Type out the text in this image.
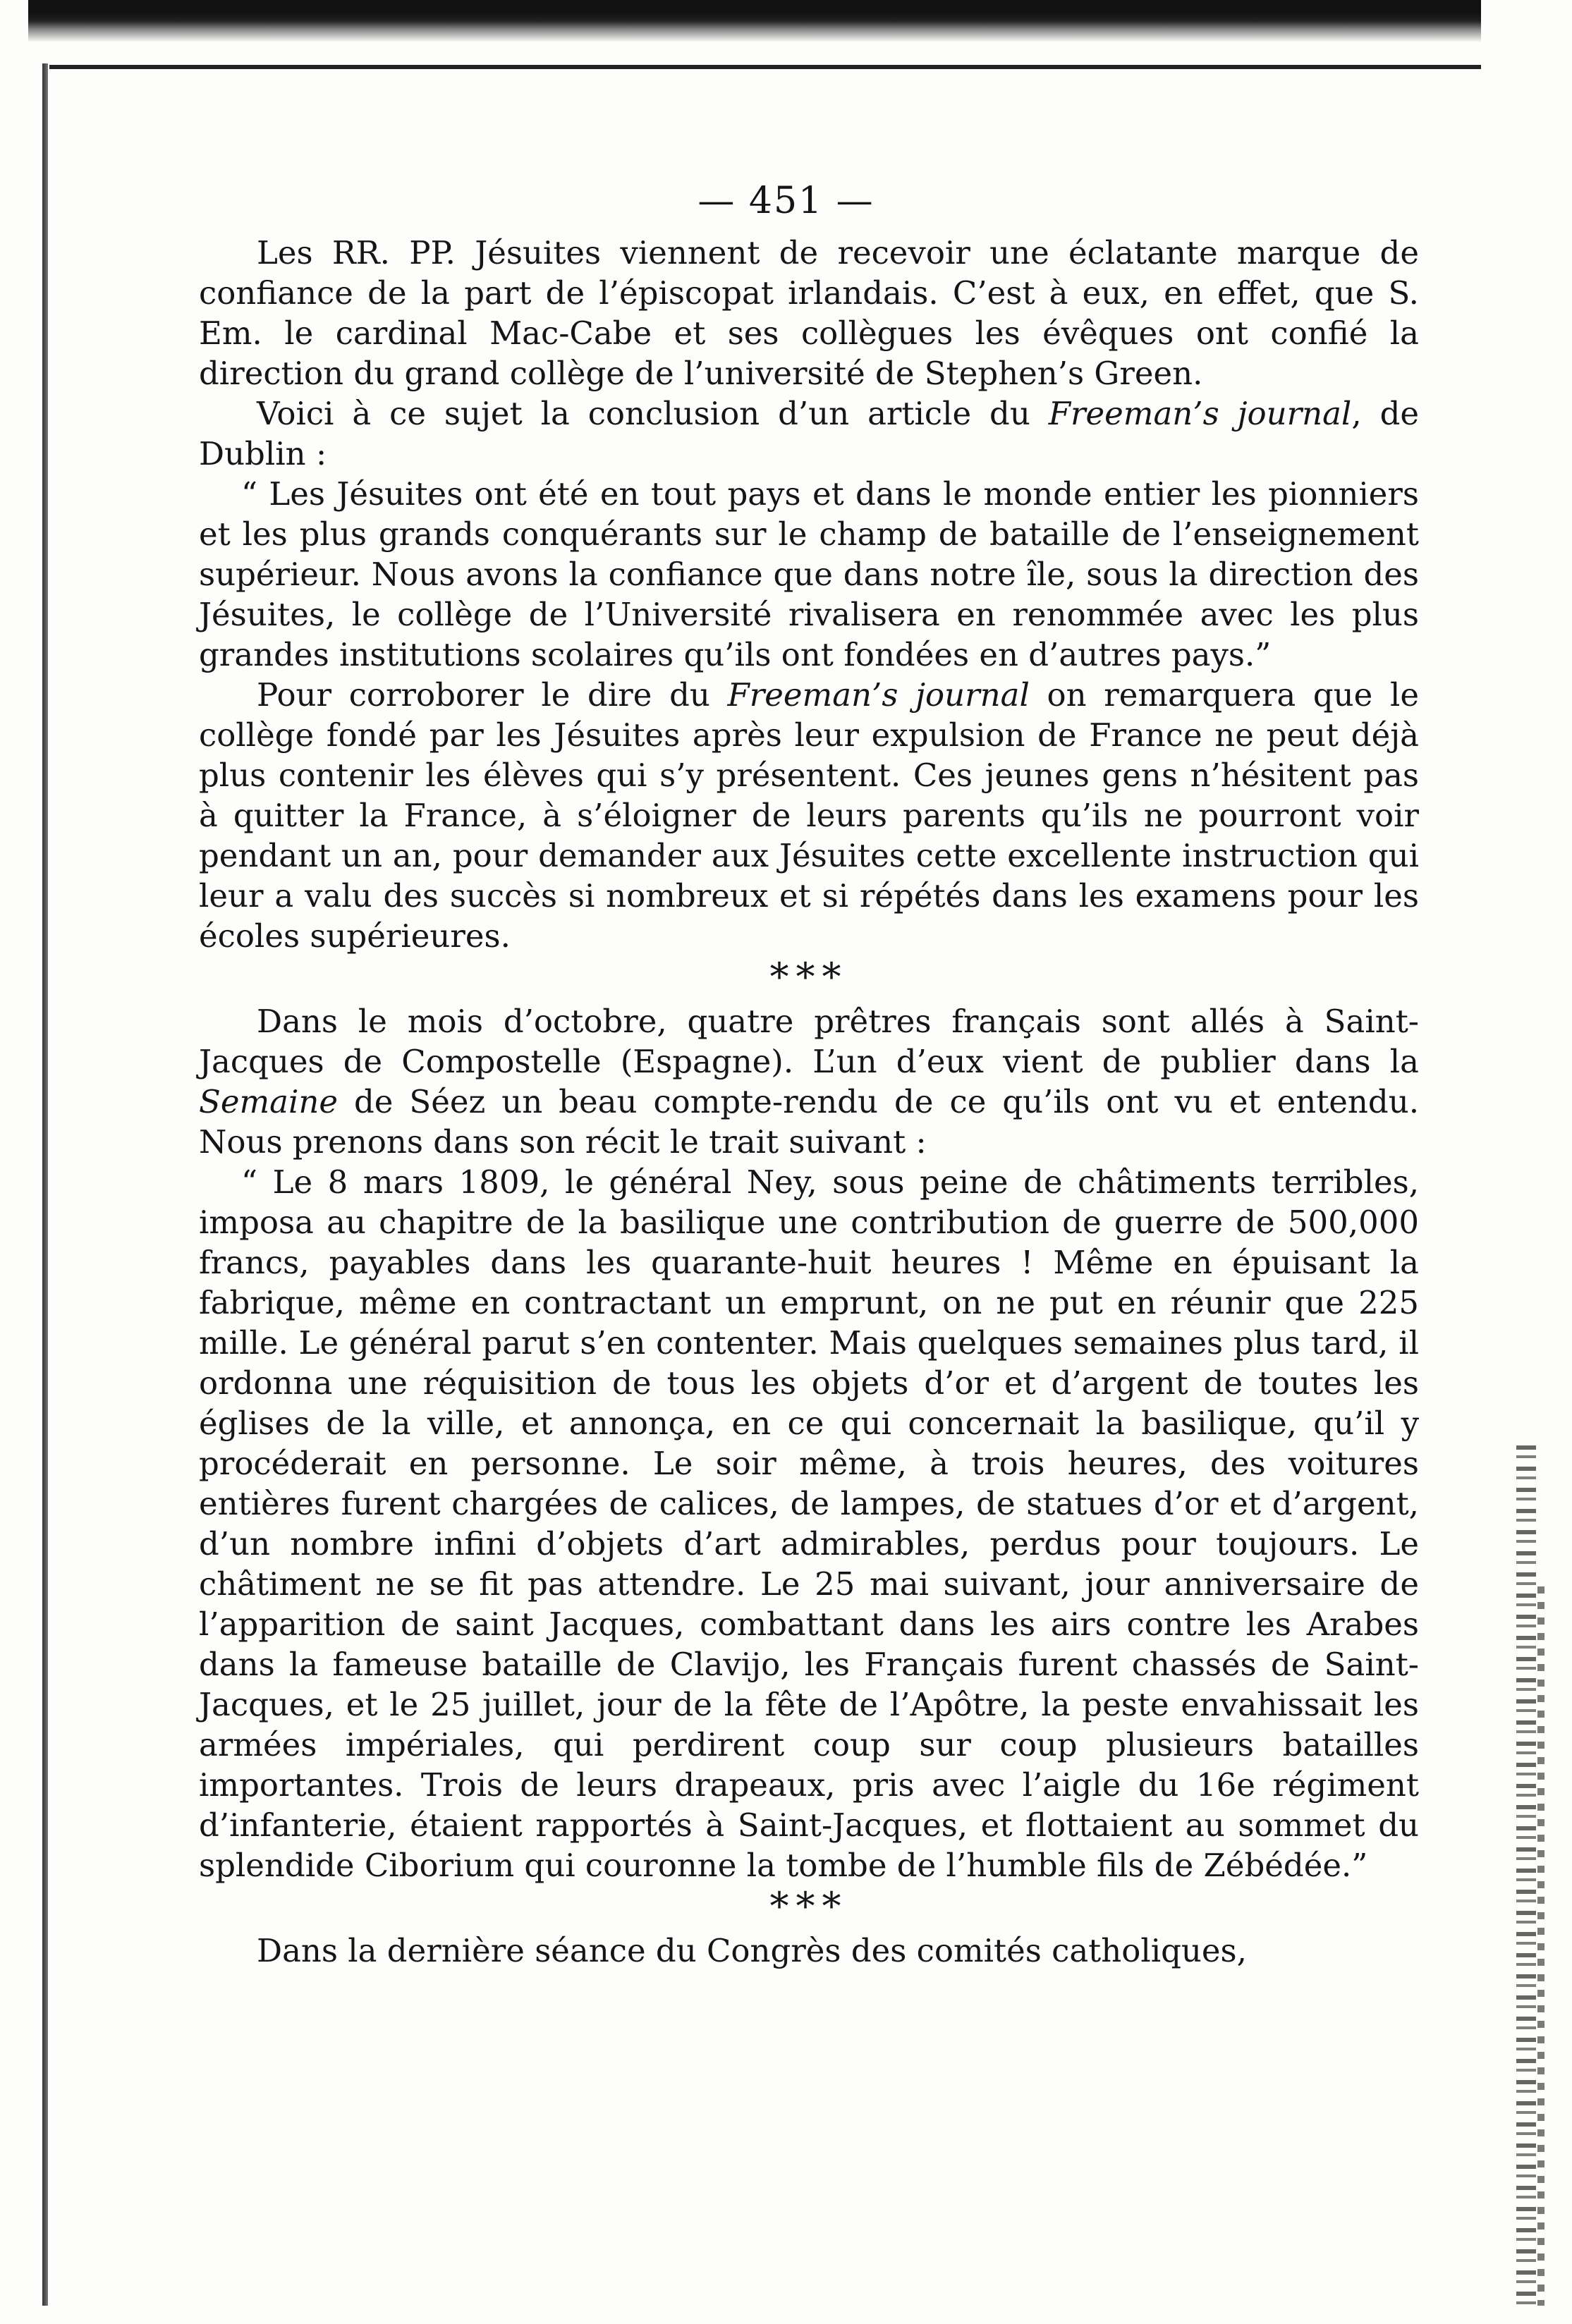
— 451 —

Les RR. PP. Jésuites viennent de recevoir une éclatante marque de confiance de la part de l’épiscopat irlandais. C’est à eux, en effet, que S. Em. le cardinal Mac-Cabe et ses collègues les évêques ont confié la direction du grand collège de l’université de Stephen’s Green.

Voici à ce sujet la conclusion d’un article du Freeman’s journal, de Dublin :

“ Les Jésuites ont été en tout pays et dans le monde entier les pionniers et les plus grands conquérants sur le champ de bataille de l’enseignement supérieur. Nous avons la confiance que dans notre île, sous la direction des Jésuites, le collège de l’Université rivalisera en renommée avec les plus grandes institutions scolaires qu’ils ont fondées en d’autres pays.”

Pour corroborer le dire du Freeman’s journal on remarquera que le collège fondé par les Jésuites après leur expulsion de France ne peut déjà plus contenir les élèves qui s’y présentent. Ces jeunes gens n’hésitent pas à quitter la France, à s’éloigner de leurs parents qu’ils ne pourront voir pendant un an, pour demander aux Jésuites cette excellente instruction qui leur a valu des succès si nombreux et si répétés dans les examens pour les écoles supérieures.

***

Dans le mois d’octobre, quatre prêtres français sont allés à Saint-Jacques de Compostelle (Espagne). L’un d’eux vient de publier dans la Semaine de Séez un beau compte-rendu de ce qu’ils ont vu et entendu. Nous prenons dans son récit le trait suivant :

“ Le 8 mars 1809, le général Ney, sous peine de châtiments terribles, imposa au chapitre de la basilique une contribution de guerre de 500,000 francs, payables dans les quarante-huit heures ! Même en épuisant la fabrique, même en contractant un emprunt, on ne put en réunir que 225 mille. Le général parut s’en contenter. Mais quelques semaines plus tard, il ordonna une réquisition de tous les objets d’or et d’argent de toutes les églises de la ville, et annonça, en ce qui concernait la basilique, qu’il y procéderait en personne. Le soir même, à trois heures, des voitures entières furent chargées de calices, de lampes, de statues d’or et d’argent, d’un nombre infini d’objets d’art admirables, perdus pour toujours. Le châtiment ne se fit pas attendre. Le 25 mai suivant, jour anniversaire de l’apparition de saint Jacques, combattant dans les airs contre les Arabes dans la fameuse bataille de Clavijo, les Français furent chassés de Saint-Jacques, et le 25 juillet, jour de la fête de l’Apôtre, la peste envahissait les armées impériales, qui perdirent coup sur coup plusieurs batailles importantes. Trois de leurs drapeaux, pris avec l’aigle du 16e régiment d’infanterie, étaient rapportés à Saint-Jacques, et flottaient au sommet du splendide Ciborium qui couronne la tombe de l’humble fils de Zébédée.”

***

Dans la dernière séance du Congrès des comités catholiques,
